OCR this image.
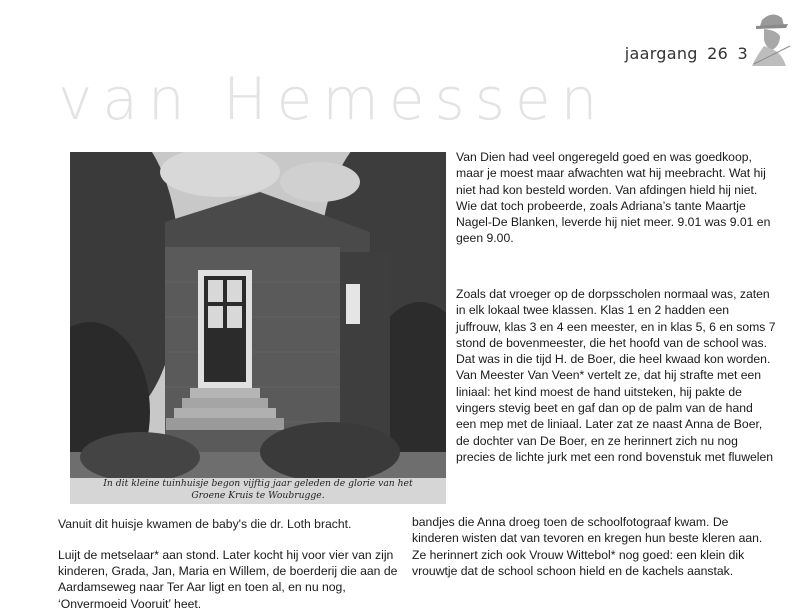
jaargang 26 3
van Hemessen
In dit kleine tuinhuisje begon vijftig jaar geleden de glorie van het
Groene Kruis te Woubrugge.
Vanuit dit huisje kwamen de baby's die dr. Loth bracht.

Luijt de metselaar* aan stond. Later kocht hij voor vier van zijn kinderen, Grada, Jan, Maria en Willem, de boerderij die aan de Aardamseweg naar Ter Aar ligt en toen al, en nu nog, ‘Onvermoeid Vooruit’ heet.

Van Dien had veel ongeregeld goed en was goedkoop, maar je moest maar afwachten wat hij meebracht. Wat hij niet had kon besteld worden. Van afdingen hield hij niet. Wie dat toch probeerde, zoals Adriana’s tante Maartje Nagel-De Blanken, leverde hij niet meer. 9.01 was 9.01 en geen 9.00.

Zoals dat vroeger op de dorpsscholen normaal was, zaten in elk lokaal twee klassen. Klas 1 en 2 hadden een juffrouw, klas 3 en 4 een meester, en in klas 5, 6 en soms 7 stond de bovenmeester, die het hoofd van de school was. Dat was in die tijd H. de Boer, die heel kwaad kon worden. Van Meester Van Veen* vertelt ze, dat hij strafte met een liniaal: het kind moest de hand uitsteken, hij pakte de vingers stevig beet en gaf dan op de palm van de hand een mep met de liniaal. Later zat ze naast Anna de Boer, de dochter van De Boer, en ze herinnert zich nu nog precies de lichte jurk met een rond bovenstuk met fluwelen

bandjes die Anna droeg toen de schoolfotograaf kwam. De kinderen wisten dat van tevoren en kregen hun beste kleren aan. Ze herinnert zich ook Vrouw Wittebol* nog goed: een klein dik vrouwtje dat de school schoon hield en de kachels aanstak.
